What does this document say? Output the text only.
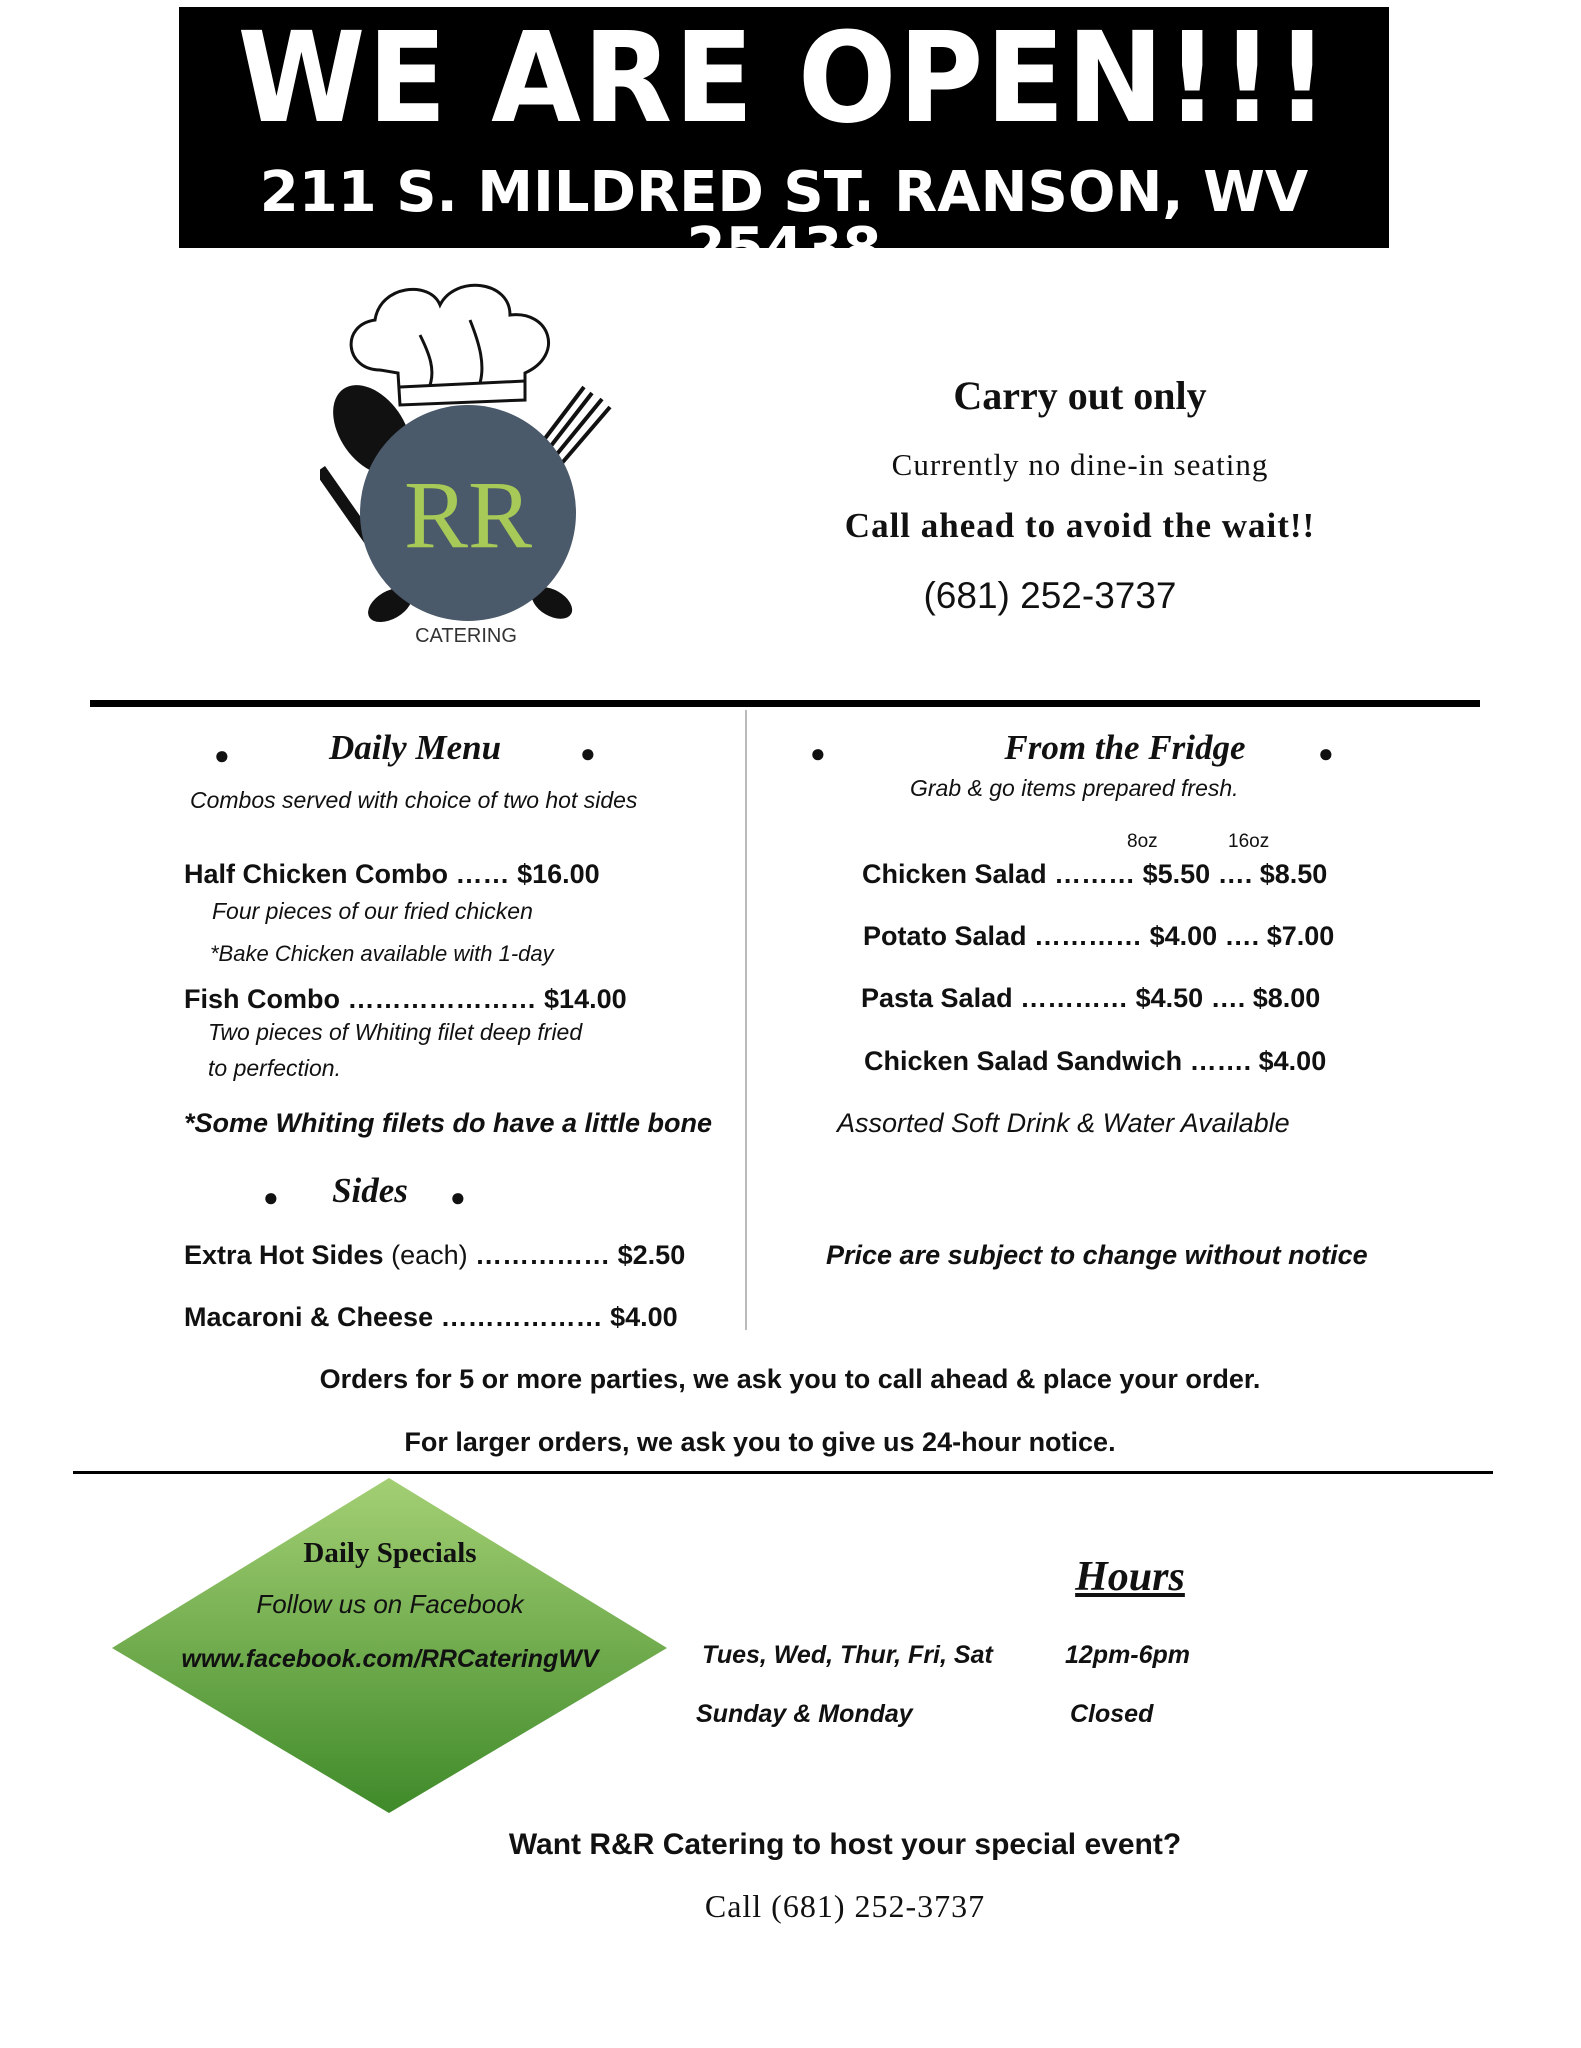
WE ARE OPEN!!!
211 S. MILDRED ST. RANSON, WV 25438
RR
CATERING
Carry out only
Currently no dine-in seating
Call ahead to avoid the wait!!
(681) 252-3737
●	Daily Menu	●
Combos served with choice of two hot sides
Half Chicken Combo …… $16.00
Four pieces of our fried chicken
*Bake Chicken available with 1-day
Fish Combo ………………… $14.00
Two pieces of Whiting filet deep fried
to perfection.
*Some Whiting filets do have a little bone
●	Sides	●
Extra Hot Sides (each) …………… $2.50
Macaroni & Cheese ……………… $4.00
●	From the Fridge	●
Grab & go items prepared fresh.
8oz	16oz
Chicken Salad ……… $5.50 …. $8.50
Potato Salad ………… $4.00 …. $7.00
Pasta Salad ………… $4.50 …. $8.00
Chicken Salad Sandwich ……. $4.00
Assorted Soft Drink & Water Available
Price are subject to change without notice
Orders for 5 or more parties, we ask you to call ahead & place your order.
For larger orders, we ask you to give us 24-hour notice.
Daily Specials
Follow us on Facebook
www.facebook.com/RRCateringWV
Hours
Tues, Wed, Thur, Fri, Sat	12pm-6pm
Sunday & Monday	Closed
Want R&R Catering to host your special event?
Call (681) 252-3737
